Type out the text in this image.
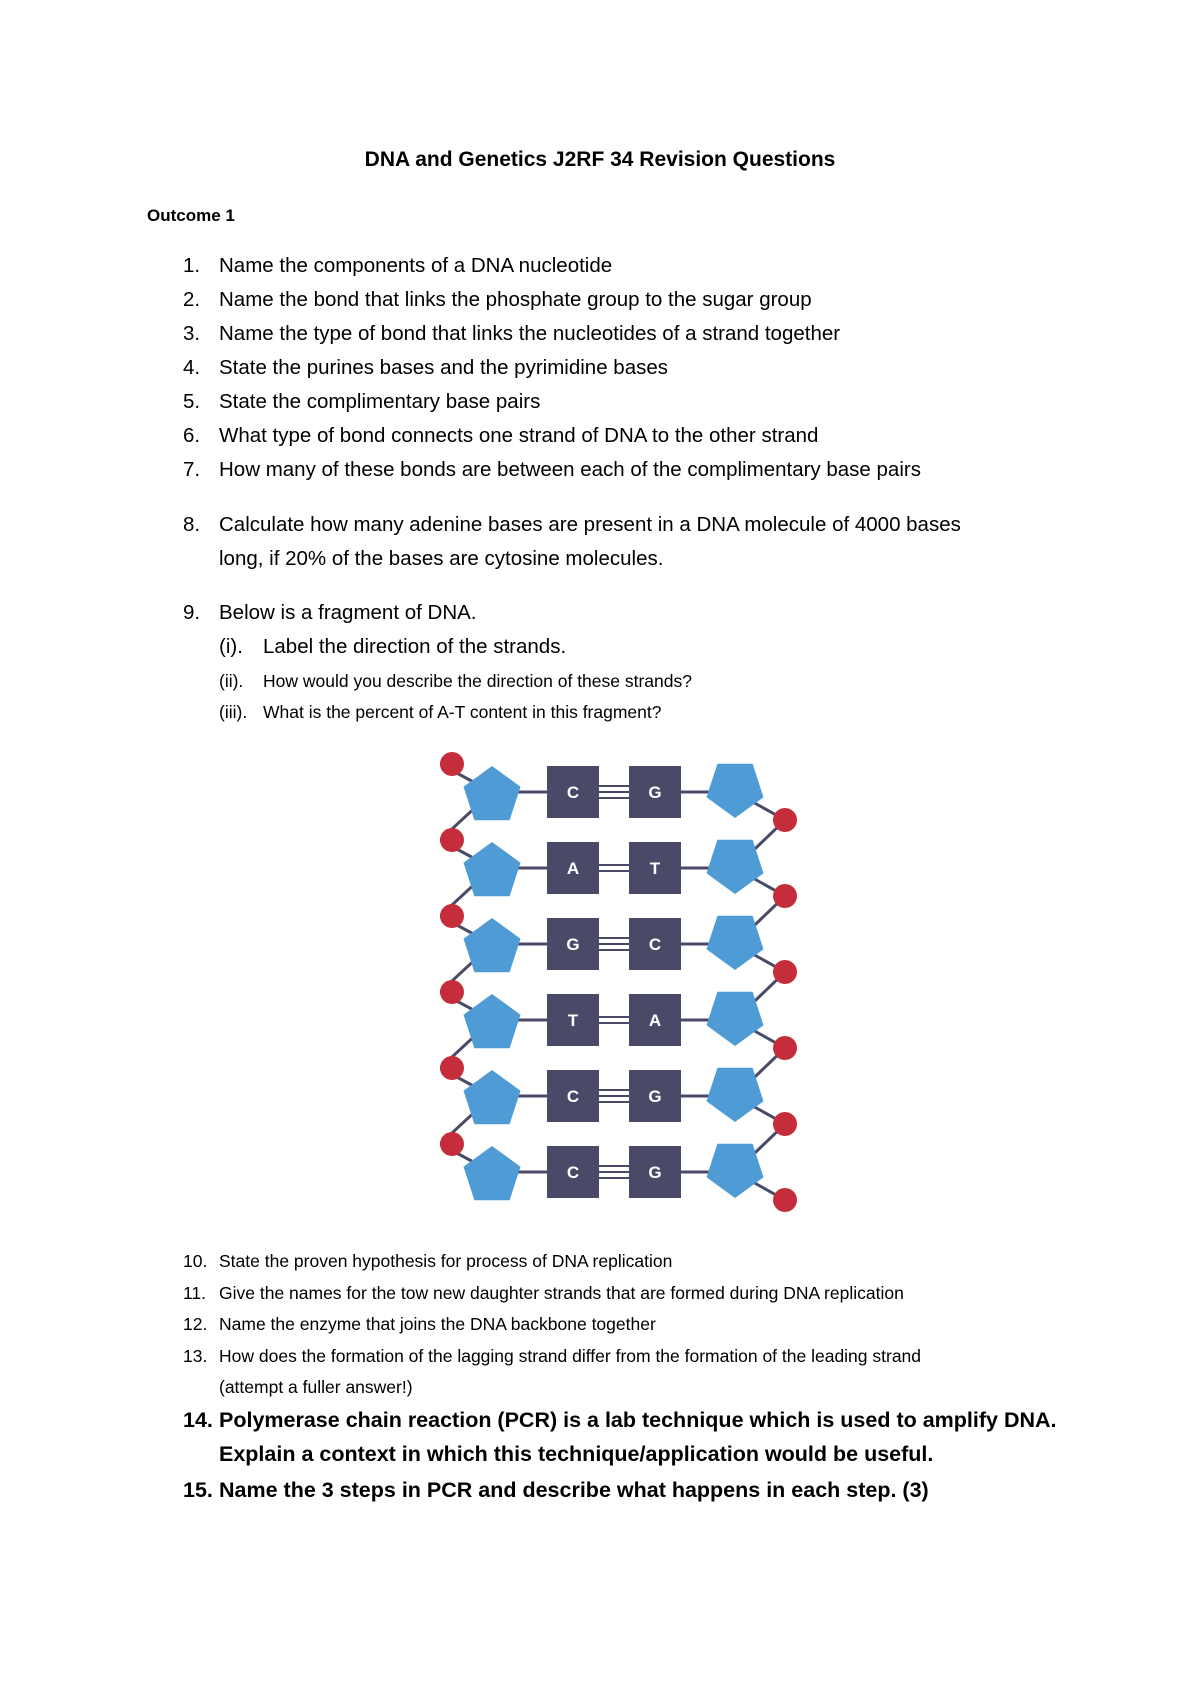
DNA and Genetics J2RF 34 Revision Questions
Outcome 1
1. Name the components of a DNA nucleotide
2. Name the bond that links the phosphate group to the sugar group
3. Name the type of bond that links the nucleotides of a strand together
4. State the purines bases and the pyrimidine bases
5. State the complimentary base pairs
6. What type of bond connects one strand of DNA to the other strand
7. How many of these bonds are between each of the complimentary base pairs
8. Calculate how many adenine bases are present in a DNA molecule of 4000 bases
long, if 20% of the bases are cytosine molecules.
9. Below is a fragment of DNA.
(i). Label the direction of the strands.
(ii). How would you describe the direction of these strands?
(iii). What is the percent of A-T content in this fragment?
C	G
A	T
G	C
T	A
C	G
C	G
10. State the proven hypothesis for process of DNA replication
11. Give the names for the tow new daughter strands that are formed during DNA replication
12. Name the enzyme that joins the DNA backbone together
13. How does the formation of the lagging strand differ from the formation of the leading strand
(attempt a fuller answer!)
14. Polymerase chain reaction (PCR) is a lab technique which is used to amplify DNA.
Explain a context in which this technique/application would be useful.
15. Name the 3 steps in PCR and describe what happens in each step. (3)
